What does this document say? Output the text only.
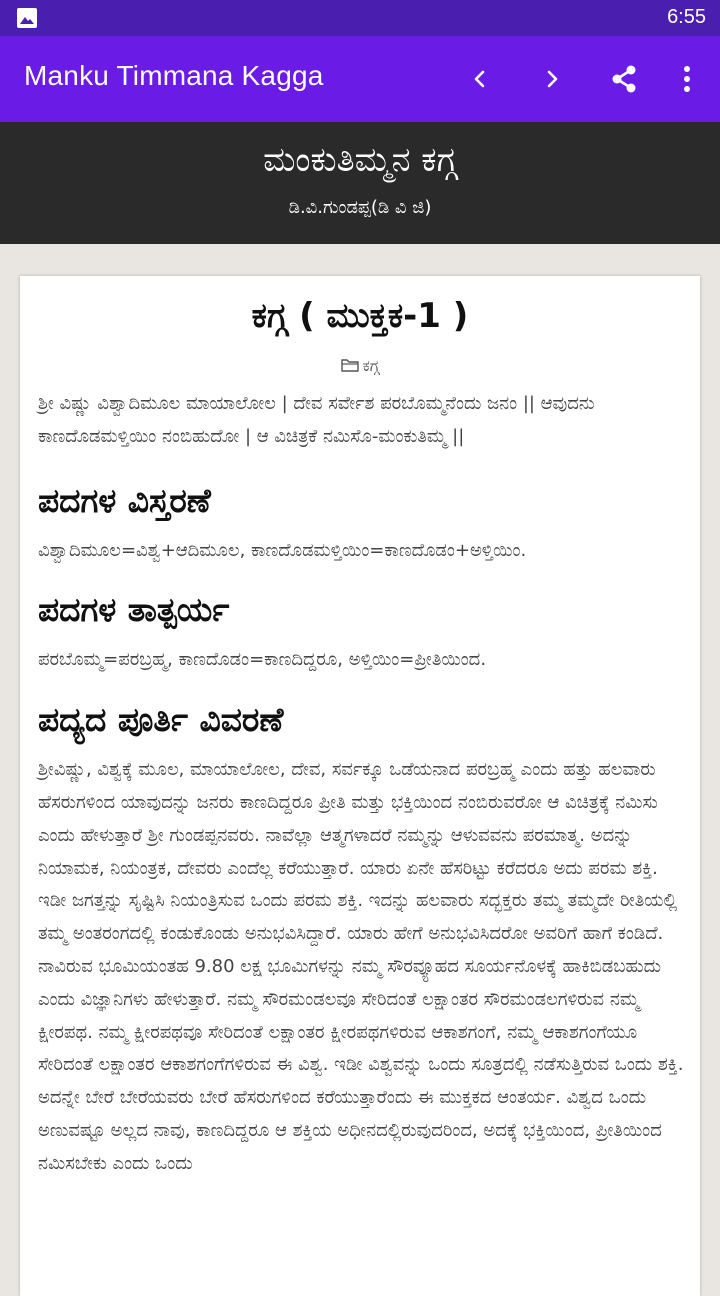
6:55
Manku Timmana Kagga
ಮಂಕುತಿಮ್ಮನ ಕಗ್ಗ
ಡಿ.ವಿ.ಗುಂಡಪ್ಪ(ಡಿ ವಿ ಜಿ)
ಕಗ್ಗ ( ಮುಕ್ತಕ-1 )
ಕಗ್ಗ

ಶ್ರೀ ವಿಷ್ಣು ವಿಶ್ವಾದಿಮೂಲ ಮಾಯಾಲೋಲ | ದೇವ ಸರ್ವೇಶ ಪರಬೊಮ್ಮನೆಂದು ಜನಂ || ಆವುದನು ಕಾಣದೊಡಮಳ್ತಿಯಿಂ ನಂಬಿಹುದೋ | ಆ ವಿಚಿತ್ರಕೆ ನಮಿಸೊ-ಮಂಕುತಿಮ್ಮ ||

ಪದಗಳ ವಿಸ್ತರಣೆ

ವಿಶ್ವಾದಿಮೂಲ=ವಿಶ್ವ+ಆದಿಮೂಲ, ಕಾಣದೊಡಮಳ್ತಿಯಿಂ=ಕಾಣದೊಡಂ+ಅಳ್ತಿಯಿಂ.

ಪದಗಳ ತಾತ್ಪರ್ಯ

ಪರಬೊಮ್ಮ=ಪರಬ್ರಹ್ಮ, ಕಾಣದೊಡಂ=ಕಾಣದಿದ್ದರೂ, ಅಳ್ತಿಯಿಂ=ಪ್ರೀತಿಯಿಂದ.

ಪದ್ಯದ ಪೂರ್ತಿ ವಿವರಣೆ

ಶ್ರೀವಿಷ್ಣು, ವಿಶ್ವಕ್ಕೆ ಮೂಲ, ಮಾಯಾಲೋಲ, ದೇವ, ಸರ್ವಕ್ಕೂ ಒಡೆಯನಾದ ಪರಬ್ರಹ್ಮ ಎಂದು ಹತ್ತು ಹಲವಾರು ಹೆಸರುಗಳಿಂದ ಯಾವುದನ್ನು ಜನರು ಕಾಣದಿದ್ದರೂ ಪ್ರೀತಿ ಮತ್ತು ಭಕ್ತಿಯಿಂದ ನಂಬಿರುವರೋ ಆ ವಿಚಿತ್ರಕ್ಕೆ ನಮಿಸು ಎಂದು ಹೇಳುತ್ತಾರೆ ಶ್ರೀ ಗುಂಡಪ್ಪನವರು. ನಾವೆಲ್ಲಾ ಆತ್ಮಗಳಾದರೆ ನಮ್ಮನ್ನು ಆಳುವವನು ಪರಮಾತ್ಮ. ಅದನ್ನು ನಿಯಾಮಕ, ನಿಯಂತ್ರಕ, ದೇವರು ಎಂದೆಲ್ಲ ಕರೆಯುತ್ತಾರೆ. ಯಾರು ಏನೇ ಹೆಸರಿಟ್ಟು ಕರೆದರೂ ಅದು ಪರಮ ಶಕ್ತಿ. ಇಡೀ ಜಗತ್ತನ್ನು ಸೃಷ್ಟಿಸಿ ನಿಯಂತ್ರಿಸುವ ಒಂದು ಪರಮ ಶಕ್ತಿ. ಇದನ್ನು ಹಲವಾರು ಸದ್ಭಕ್ತರು ತಮ್ಮ ತಮ್ಮದೇ ರೀತಿಯಲ್ಲಿ ತಮ್ಮ ಅಂತರಂಗದಲ್ಲಿ ಕಂಡುಕೊಂಡು ಅನುಭವಿಸಿದ್ದಾರೆ. ಯಾರು ಹೇಗೆ ಅನುಭವಿಸಿದರೋ ಅವರಿಗೆ ಹಾಗೆ ಕಂಡಿದೆ. ನಾವಿರುವ ಭೂಮಿಯಂತಹ 9.80 ಲಕ್ಷ ಭೂಮಿಗಳನ್ನು ನಮ್ಮ ಸೌರವ್ಯೂಹದ ಸೂರ್ಯನೊಳಕ್ಕೆ ಹಾಕಿಬಿಡಬಹುದು ಎಂದು ವಿಜ್ಞಾನಿಗಳು ಹೇಳುತ್ತಾರೆ. ನಮ್ಮ ಸೌರಮಂಡಲವೂ ಸೇರಿದಂತೆ ಲಕ್ಷಾಂತರ ಸೌರಮಂಡಲಗಳಿರುವ ನಮ್ಮ ಕ್ಷೀರಪಥ. ನಮ್ಮ ಕ್ಷೀರಪಥವೂ ಸೇರಿದಂತೆ ಲಕ್ಷಾಂತರ ಕ್ಷೀರಪಥಗಳಿರುವ ಆಕಾಶಗಂಗೆ, ನಮ್ಮ ಆಕಾಶಗಂಗೆಯೂ ಸೇರಿದಂತೆ ಲಕ್ಷಾಂತರ ಆಕಾಶಗಂಗೆಗಳಿರುವ ಈ ವಿಶ್ವ. ಇಡೀ ವಿಶ್ವವನ್ನು ಒಂದು ಸೂತ್ರದಲ್ಲಿ ನಡೆಸುತ್ತಿರುವ ಒಂದು ಶಕ್ತಿ. ಅದನ್ನೇ ಬೇರೆ ಬೇರೆಯವರು ಬೇರೆ ಹೆಸರುಗಳಿಂದ ಕರೆಯುತ್ತಾರೆಂದು ಈ ಮುಕ್ತಕದ ಆಂತರ್ಯ. ವಿಶ್ವದ ಒಂದು ಅಣುವಷ್ಟೂ ಅಲ್ಲದ ನಾವು, ಕಾಣದಿದ್ದರೂ ಆ ಶಕ್ತಿಯ ಅಧೀನದಲ್ಲಿರುವುದರಿಂದ, ಅದಕ್ಕೆ ಭಕ್ತಿಯಿಂದ, ಪ್ರೀತಿಯಿಂದ ನಮಿಸಬೇಕು ಎಂದು ಒಂದು
